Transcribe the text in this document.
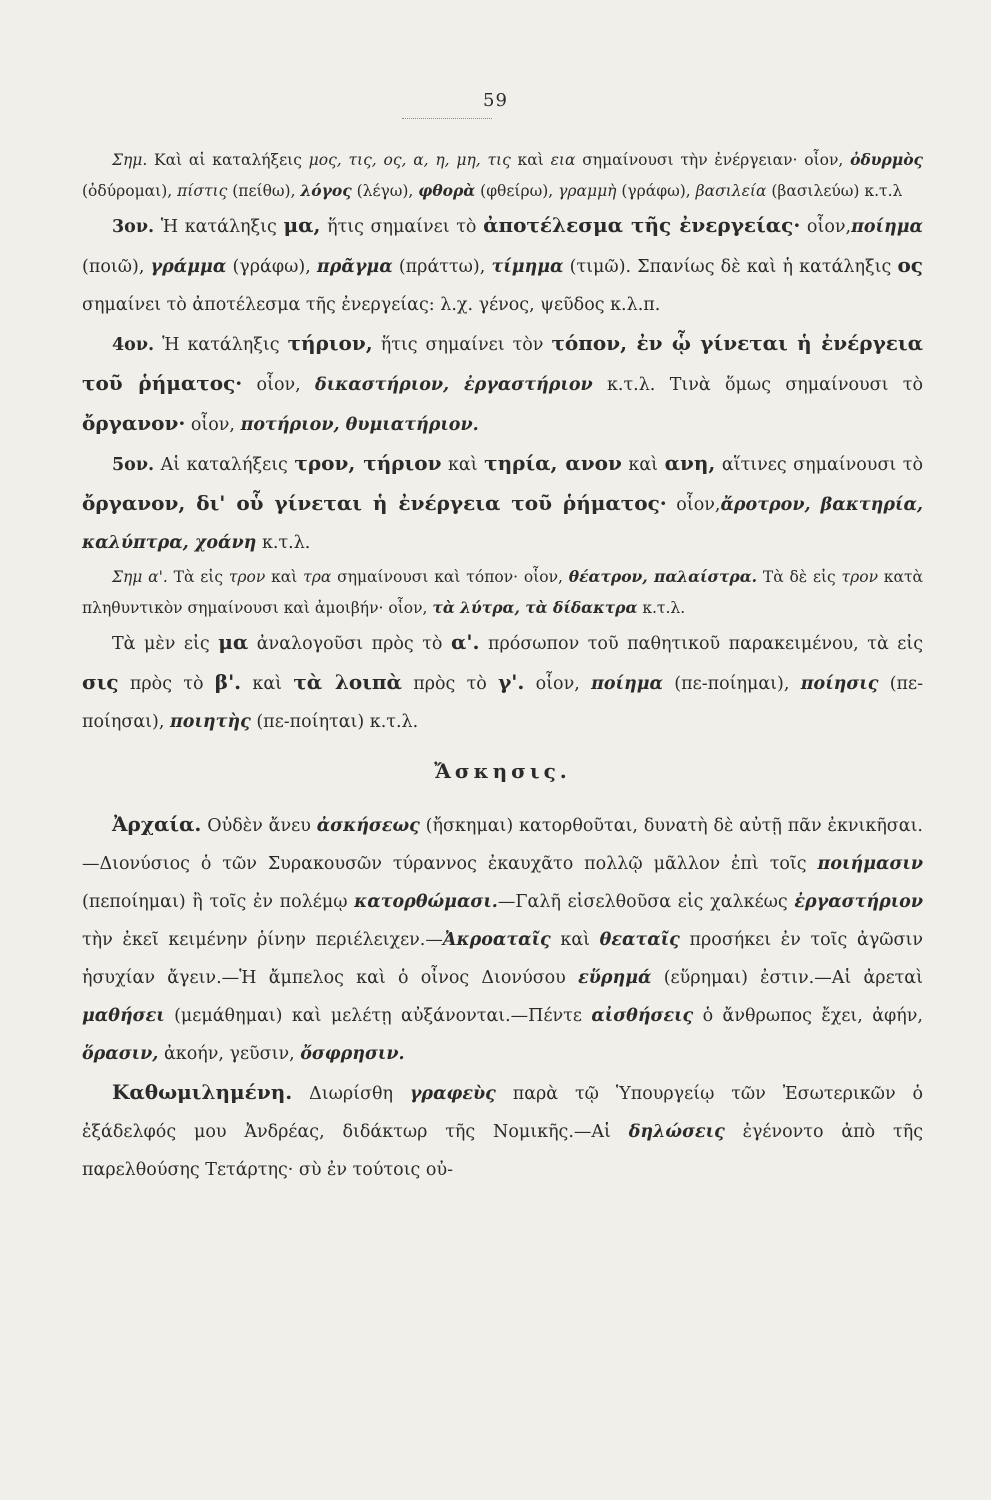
59

Σημ. Καὶ αἱ καταλήξεις μος, τις, ος, α, η, μη, τις καὶ εια σημαίνουσι τὴν ἐνέργειαν· οἷον, ὀδυρμὸς (ὀδύρομαι), πίστις (πείθω), λόγος (λέγω), φθορὰ (φθείρω), γραμμὴ (γράφω), βασιλεία (βασιλεύω) κ.τ.λ

3ον. Ἡ κατάληξις μα, ἥτις σημαίνει τὸ ἀποτέλεσμα τῆς ἐνεργείας· οἷον,ποίημα (ποιῶ), γράμμα (γράφω), πρᾶγμα (πράττω), τίμημα (τιμῶ). Σπανίως δὲ καὶ ἡ κατάληξις ος σημαίνει τὸ ἀποτέλεσμα τῆς ἐνεργείας: λ.χ. γένος, ψεῦδος κ.λ.π.

4ον. Ἡ κατάληξις τήριον, ἥτις σημαίνει τὸν τόπον, ἐν ᾧ γίνεται ἡ ἐνέργεια τοῦ ῥήματος· οἷον, δικαστήριον, ἐργαστήριον κ.τ.λ. Τινὰ ὅμως σημαίνουσι τὸ ὄργανον· οἷον, ποτήριον, θυμιατήριον.

5ον. Αἱ καταλήξεις τρον, τήριον καὶ τηρία, ανον καὶ ανη, αἵτινες σημαίνουσι τὸ ὄργανον, δι' οὗ γίνεται ἡ ἐνέργεια τοῦ ῥήματος· οἷον,ἄροτρον, βακτηρία, καλύπτρα, χοάνη κ.τ.λ.

Σημ α'. Τὰ εἰς τρον καὶ τρα σημαίνουσι καὶ τόπον· οἷον, θέατρον, παλαίστρα. Τὰ δὲ εἰς τρον κατὰ πληθυντικὸν σημαίνουσι καὶ ἀμοιβήν· οἷον, τὰ λύτρα, τὰ δίδακτρα κ.τ.λ.

Τὰ μὲν εἰς μα ἀναλογοῦσι πρὸς τὸ α'. πρόσωπον τοῦ παθητικοῦ παρακειμένου, τὰ εἰς σις πρὸς τὸ β'. καὶ τὰ λοιπὰ πρὸς τὸ γ'. οἷον, ποίημα (πε-ποίημαι), ποίησις (πε-ποίησαι), ποιητὴς (πε-ποίηται) κ.τ.λ.

Ἄσκησις.

Ἀρχαία. Οὐδὲν ἄνευ ἀσκήσεως (ἤσκημαι) κατορθοῦται, δυνατὴ δὲ αὐτῇ πᾶν ἐκνικῆσαι.—Διονύσιος ὁ τῶν Συρακουσῶν τύραννος ἐκαυχᾶτο πολλῷ μᾶλλον ἐπὶ τοῖς ποιήμασιν (πεποίημαι) ἢ τοῖς ἐν πολέμῳ κατορθώμασι.—Γαλῆ εἰσελθοῦσα εἰς χαλκέως ἐργαστήριον τὴν ἐκεῖ κειμένην ῥίνην περιέλειχεν.—Ἀκροαταῖς καὶ θεαταῖς προσήκει ἐν τοῖς ἀγῶσιν ἡσυχίαν ἄγειν.—Ἡ ἄμπελος καὶ ὁ οἶνος Διονύσου εὕρημά (εὕρημαι) ἐστιν.—Αἱ ἀρεταὶ μαθήσει (μεμάθημαι) καὶ μελέτῃ αὐξάνονται.—Πέντε αἰσθήσεις ὁ ἄνθρωπος ἔχει, ἀφήν, ὅρασιν, ἀκοήν, γεῦσιν, ὄσφρησιν.

Καθωμιλημένη. Διωρίσθη γραφεὺς παρὰ τῷ Ὑπουργείῳ τῶν Ἐσωτερικῶν ὁ ἐξάδελφός μου Ἀνδρέας, διδάκτωρ τῆς Νομικῆς.—Αἱ δηλώσεις ἐγένοντο ἀπὸ τῆς παρελθούσης Τετάρτης· σὺ ἐν τούτοις οὐ-
